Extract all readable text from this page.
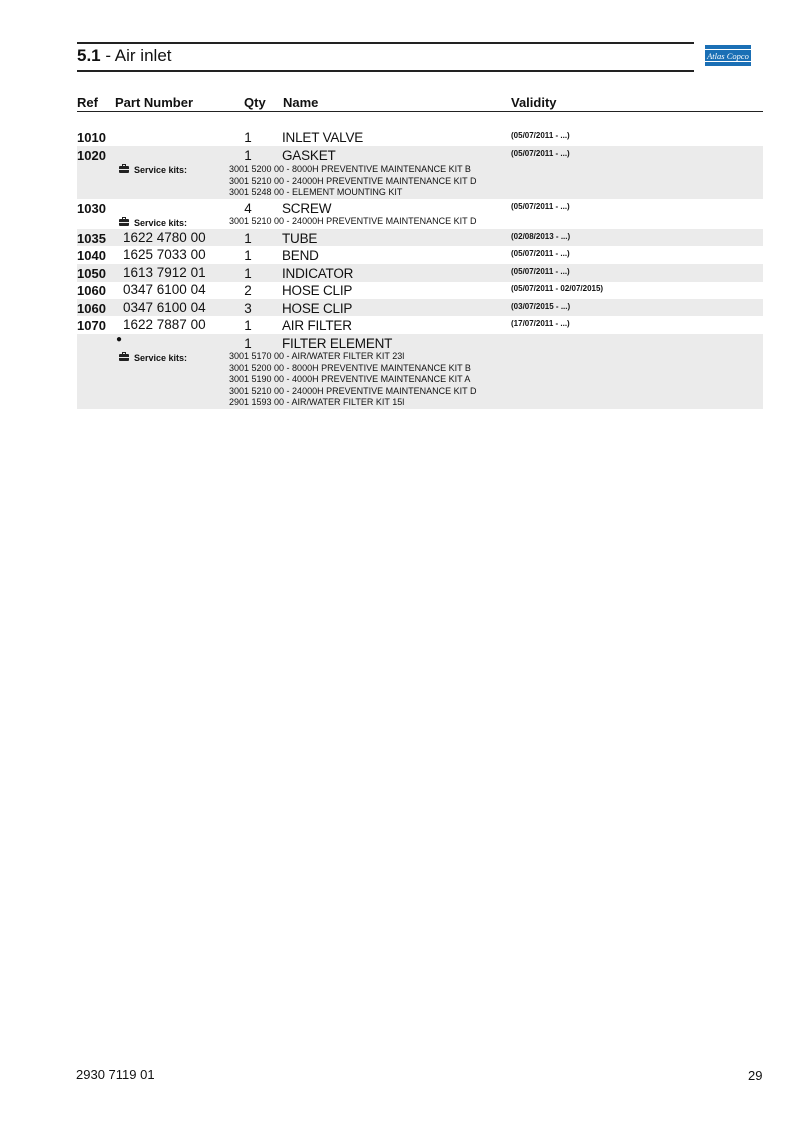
5.1 - Air inlet	Atlas Copco
Ref Part Number	Qty Name	Validity
1010	1	INLET VALVE	(05/07/2011 - ...)
1020	1	GASKET	(05/07/2011 - ...)
Service kits:	3001 5200 00 - 8000H PREVENTIVE MAINTENANCE KIT B
3001 5210 00 - 24000H PREVENTIVE MAINTENANCE KIT D
3001 5248 00 - ELEMENT MOUNTING KIT
1030	4	SCREW	(05/07/2011 - ...)
Service kits:	3001 5210 00 - 24000H PREVENTIVE MAINTENANCE KIT D
1035 1622 4780 00	1	TUBE	(02/08/2013 - ...)
1040 1625 7033 00	1	BEND	(05/07/2011 - ...)
1050 1613 7912 01	1	INDICATOR	(05/07/2011 - ...)
1060 0347 6100 04	2	HOSE CLIP	(05/07/2011 - 02/07/2015)
1060 0347 6100 04	3	HOSE CLIP	(03/07/2015 - ...)
1070 1622 7887 00	1	AIR FILTER	(17/07/2011 - ...)
●	1	FILTER ELEMENT
Service kits:	3001 5170 00 - AIR/WATER FILTER KIT 23l
3001 5200 00 - 8000H PREVENTIVE MAINTENANCE KIT B
3001 5190 00 - 4000H PREVENTIVE MAINTENANCE KIT A
3001 5210 00 - 24000H PREVENTIVE MAINTENANCE KIT D
2901 1593 00 - AIR/WATER FILTER KIT 15l
2930 7119 01	29
